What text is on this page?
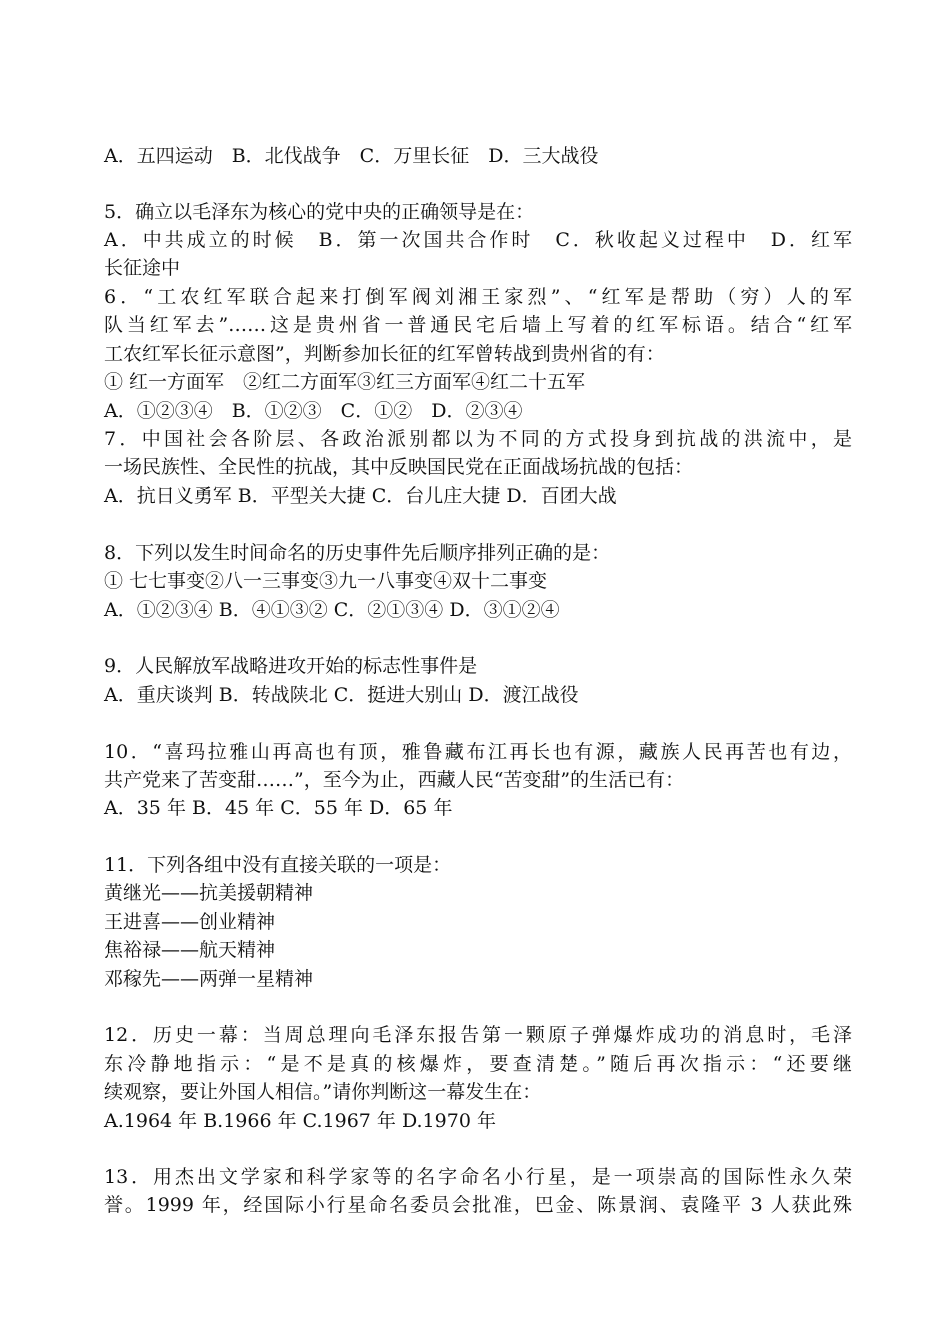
A．五四运动　B．北伐战争　C．万里长征　D．三大战役
5．确立以毛泽东为核心的党中央的正确领导是在：
A．中共成立的时候　B．第一次国共合作时　C．秋收起义过程中　D．红军
长征途中
6．“工农红军联合起来打倒军阀刘湘王家烈”、“红军是帮助（穷）人的军
队当红军去”……这是贵州省一普通民宅后墙上写着的红军标语。结合“红军
工农红军长征示意图”，判断参加长征的红军曾转战到贵州省的有：
① 红一方面军　②红二方面军③红三方面军④红二十五军
A．①②③④　B．①②③　C．①②　D．②③④
7．中国社会各阶层、各政治派别都以为不同的方式投身到抗战的洪流中，是
一场民族性、全民性的抗战，其中反映国民党在正面战场抗战的包括：
A．抗日义勇军 B．平型关大捷 C．台儿庄大捷 D．百团大战
8．下列以发生时间命名的历史事件先后顺序排列正确的是：
① 七七事变②八一三事变③九一八事变④双十二事变
A．①②③④ B．④①③② C．②①③④ D．③①②④
9．人民解放军战略进攻开始的标志性事件是
A．重庆谈判 B．转战陕北 C．挺进大别山 D．渡江战役
10．“喜玛拉雅山再高也有顶，雅鲁藏布江再长也有源，藏族人民再苦也有边，
共产党来了苦变甜……”，至今为止，西藏人民“苦变甜”的生活已有：
A．35 年 B．45 年 C．55 年 D．65 年
11．下列各组中没有直接关联的一项是：
黄继光——抗美援朝精神
王进喜——创业精神
焦裕禄——航天精神
邓稼先——两弹一星精神
12．历史一幕：当周总理向毛泽东报告第一颗原子弹爆炸成功的消息时，毛泽
东冷静地指示：“是不是真的核爆炸，要查清楚。”随后再次指示：“还要继
续观察，要让外国人相信。”请你判断这一幕发生在：
A.1964 年 B.1966 年 C.1967 年 D.1970 年
13．用杰出文学家和科学家等的名字命名小行星，是一项崇高的国际性永久荣
誉。1999 年，经国际小行星命名委员会批准，巴金、陈景润、袁隆平 3 人获此殊
